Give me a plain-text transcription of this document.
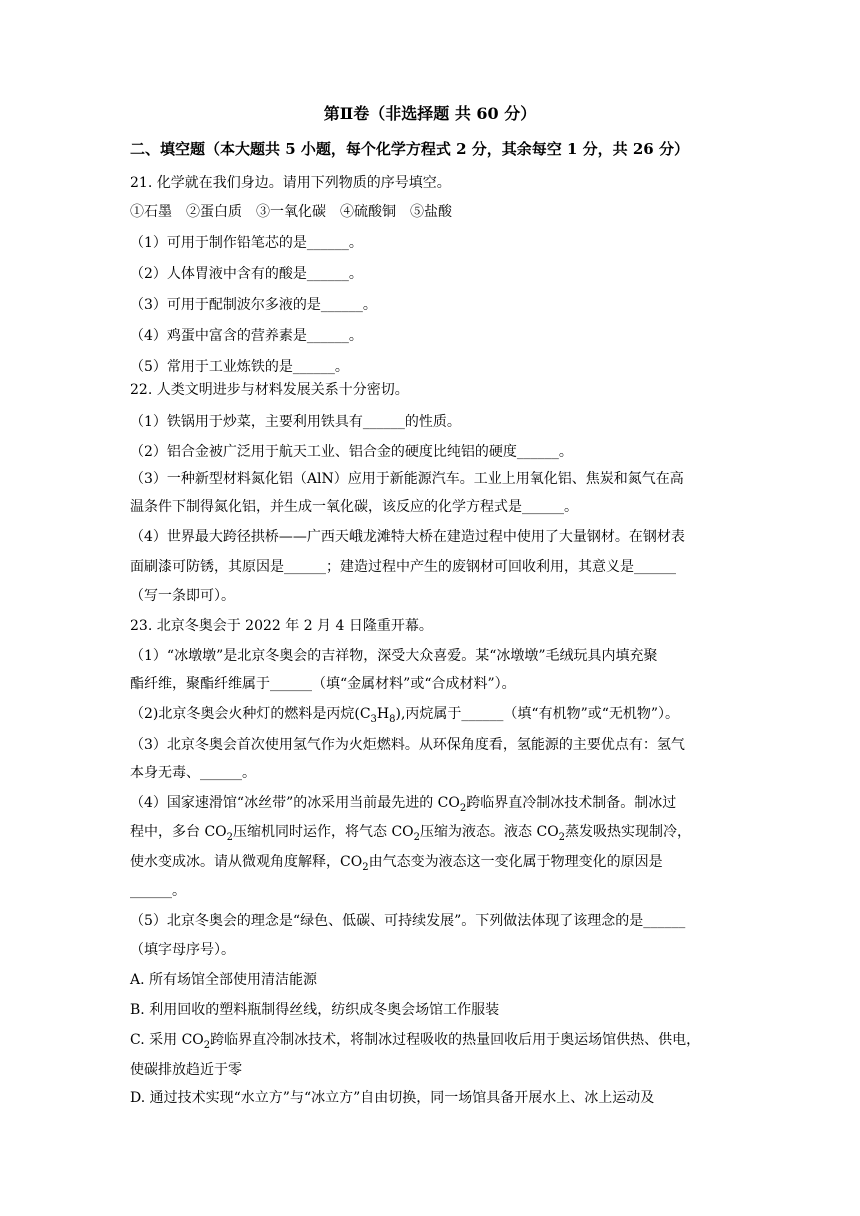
第Ⅱ卷（非选择题 共 60 分）
二、填空题（本大题共 5 小题，每个化学方程式 2 分，其余每空 1 分，共 26 分）
21. 化学就在我们身边。请用下列物质的序号填空。
①石墨　②蛋白质　③一氧化碳　④硫酸铜　⑤盐酸
（1）可用于制作铅笔芯的是______。
（2）人体胃液中含有的酸是______。
（3）可用于配制波尔多液的是______。
（4）鸡蛋中富含的营养素是______。
（5）常用于工业炼铁的是______。
22. 人类文明进步与材料发展关系十分密切。
（1）铁锅用于炒菜，主要利用铁具有______的性质。
（2）铝合金被广泛用于航天工业、铝合金的硬度比纯铝的硬度______。
（3）一种新型材料氮化铝（AlN）应用于新能源汽车。工业上用氧化铝、焦炭和氮气在高
温条件下制得氮化铝，并生成一氧化碳，该反应的化学方程式是______。
（4）世界最大跨径拱桥——广西天峨龙滩特大桥在建造过程中使用了大量钢材。在钢材表
面刷漆可防锈，其原因是______；建造过程中产生的废钢材可回收利用，其意义是______
（写一条即可）。
23. 北京冬奥会于 2022 年 2 月 4 日隆重开幕。
（1）“冰墩墩”是北京冬奥会的吉祥物，深受大众喜爱。某“冰墩墩”毛绒玩具内填充聚
酯纤维，聚酯纤维属于______（填“金属材料”或“合成材料”）。
（2)北京冬奥会火种灯的燃料是丙烷$(C_3H_8)$,丙烷属于______（填“有机物”或“无机物”）。
（3）北京冬奥会首次使用氢气作为火炬燃料。从环保角度看，氢能源的主要优点有：氢气
本身无毒、______。
（4）国家速滑馆“冰丝带”的冰采用当前最先进的 $CO_2$跨临界直冷制冰技术制备。制冰过
程中，多台 $CO_2$压缩机同时运作，将气态 $CO_2$压缩为液态。液态 $CO_2$蒸发吸热实现制冷，
使水变成冰。请从微观角度解释，$CO_2$由气态变为液态这一变化属于物理变化的原因是
______。
（5）北京冬奥会的理念是“绿色、低碳、可持续发展”。下列做法体现了该理念的是______
（填字母序号）。
A. 所有场馆全部使用清洁能源
B. 利用回收的塑料瓶制得丝线，纺织成冬奥会场馆工作服装
C. 采用 $CO_2$跨临界直冷制冰技术，将制冰过程吸收的热量回收后用于奥运场馆供热、供电，
使碳排放趋近于零
D. 通过技术实现“水立方”与“冰立方”自由切换，同一场馆具备开展水上、冰上运动及
